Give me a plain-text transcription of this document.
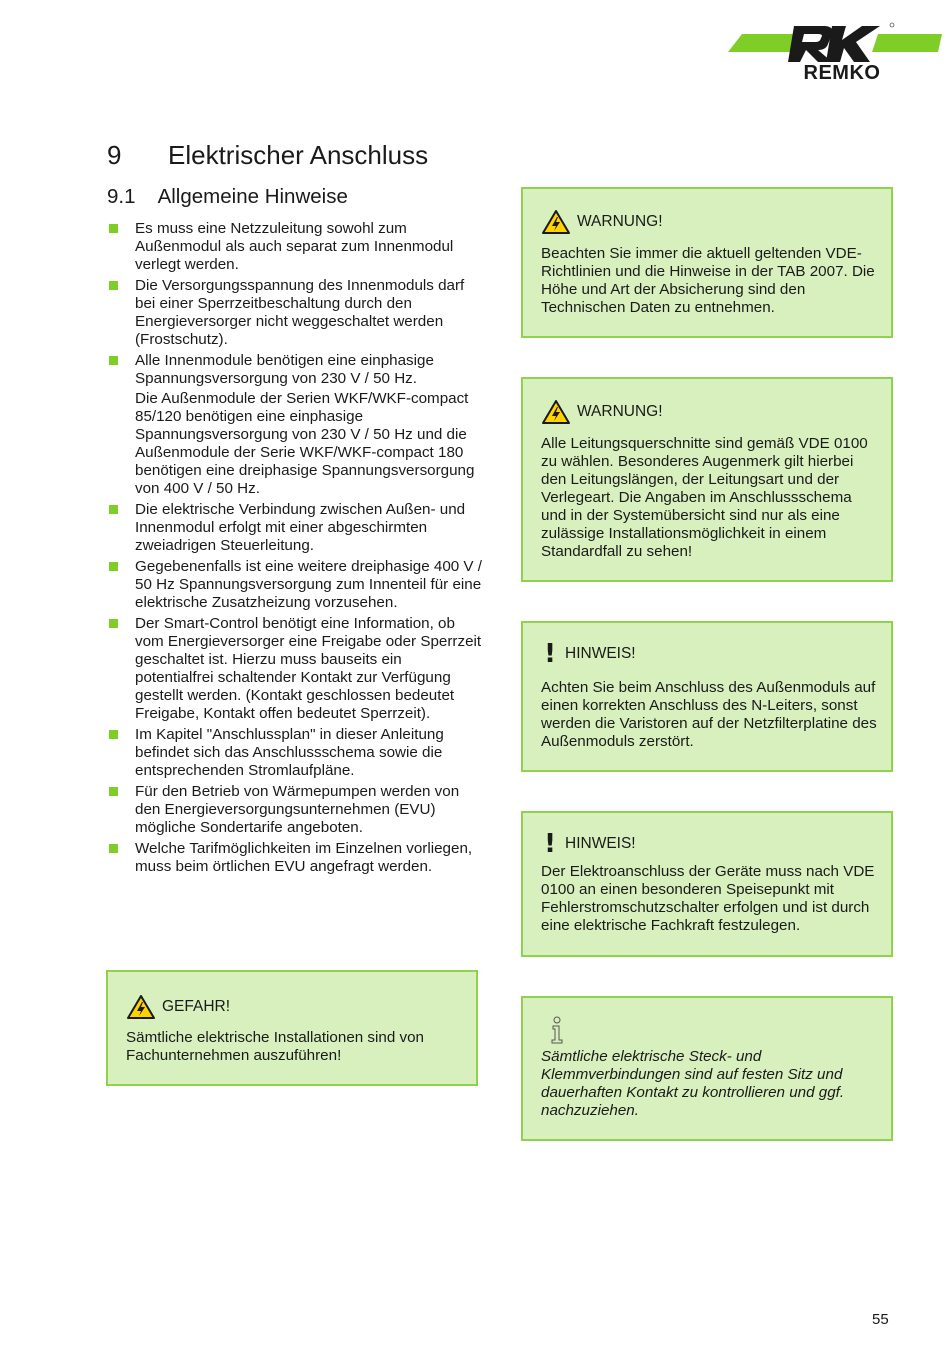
REMKO
9	Elektrischer Anschluss
9.1 Allgemeine Hinweise
Es muss eine Netzzuleitung sowohl zum Außenmodul als auch separat zum Innenmodul verlegt werden.
Die Versorgungsspannung des Innenmoduls darf bei einer Sperrzeitbeschaltung durch den Energieversorger nicht weggeschaltet werden (Frostschutz).
Alle Innenmodule benötigen eine einphasige Spannungsversorgung von 230 V / 50 Hz.
Die Außenmodule der Serien WKF/WKF-compact 85/120 benötigen eine einphasige Spannungsversorgung von 230 V / 50 Hz und die Außenmodule der Serie WKF/WKF-compact 180 benötigen eine dreiphasige Spannungsversorgung von 400 V / 50 Hz.
Die elektrische Verbindung zwischen Außen- und Innenmodul erfolgt mit einer abgeschirmten zweiadrigen Steuerleitung.
Gegebenenfalls ist eine weitere dreiphasige 400 V / 50 Hz Spannungsversorgung zum Innenteil für eine elektrische Zusatzheizung vorzusehen.
Der Smart-Control benötigt eine Information, ob vom Energieversorger eine Freigabe oder Sperrzeit geschaltet ist. Hierzu muss bauseits ein potentialfrei schaltender Kontakt zur Verfügung gestellt werden. (Kontakt geschlossen bedeutet Freigabe, Kontakt offen bedeutet Sperrzeit).
Im Kapitel "Anschlussplan" in dieser Anleitung befindet sich das Anschlussschema sowie die entsprechenden Stromlaufpläne.
Für den Betrieb von Wärmepumpen werden von den Energieversorgungsunternehmen (EVU) mögliche Sondertarife angeboten.
Welche Tarifmöglichkeiten im Einzelnen vorliegen, muss beim örtlichen EVU angefragt werden.
GEFAHR!
Sämtliche elektrische Installationen sind von Fachunternehmen auszuführen!
WARNUNG!
Beachten Sie immer die aktuell geltenden VDE-Richtlinien und die Hinweise in der TAB 2007. Die Höhe und Art der Absicherung sind den Technischen Daten zu entnehmen.
WARNUNG!
Alle Leitungsquerschnitte sind gemäß VDE 0100 zu wählen. Besonderes Augenmerk gilt hierbei den Leitungslängen, der Leitungsart und der Verlegeart. Die Angaben im Anschlussschema und in der Systemübersicht sind nur als eine zulässige Installationsmöglichkeit in einem Standardfall zu sehen!
! HINWEIS!
Achten Sie beim Anschluss des Außenmoduls auf einen korrekten Anschluss des N-Leiters, sonst werden die Varistoren auf der Netzfilterplatine des Außenmoduls zerstört.
! HINWEIS!
Der Elektroanschluss der Geräte muss nach VDE 0100 an einen besonderen Speisepunkt mit Fehlerstromschutzschalter erfolgen und ist durch eine elektrische Fachkraft festzulegen.
Sämtliche elektrische Steck- und Klemmverbindungen sind auf festen Sitz und dauerhaften Kontakt zu kontrollieren und ggf. nachzuziehen.
55
